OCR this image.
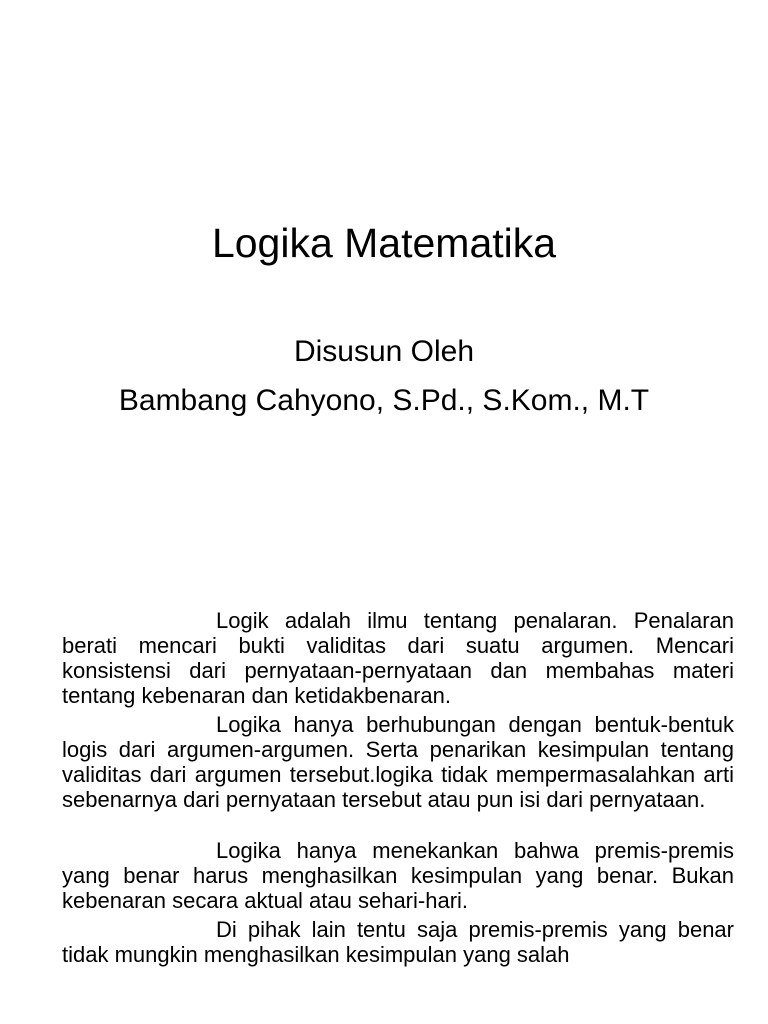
Logika Matematika
Disusun Oleh
Bambang Cahyono, S.Pd., S.Kom., M.T

Logik adalah ilmu tentang penalaran. Penalaran berati mencari bukti validitas dari suatu argumen. Mencari konsistensi dari pernyataan-pernyataan dan membahas materi tentang kebenaran dan ketidakbenaran.

Logika hanya berhubungan dengan bentuk-bentuk logis dari argumen-argumen. Serta penarikan kesimpulan tentang validitas dari argumen tersebut.logika tidak mempermasalahkan arti sebenarnya dari pernyataan tersebut atau pun isi dari pernyataan.

Logika hanya menekankan bahwa premis-premis yang benar harus menghasilkan kesimpulan yang benar. Bukan kebenaran secara aktual atau sehari-hari.

Di pihak lain tentu saja premis-premis yang benar tidak mungkin menghasilkan kesimpulan yang salah
